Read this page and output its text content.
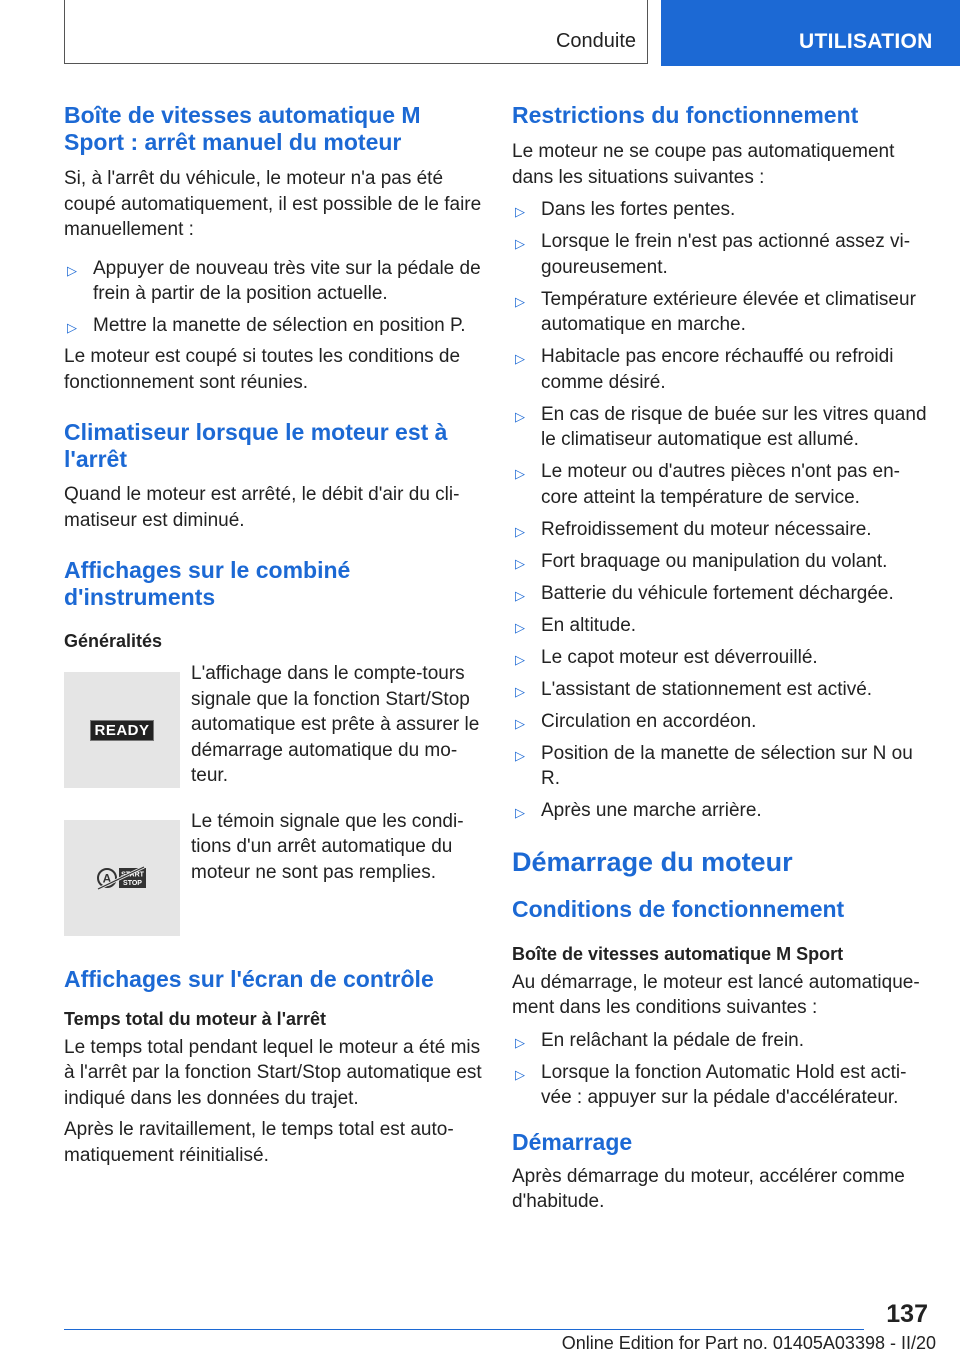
Conduite	UTILISATION
Boîte de vitesses automatique M Sport : arrêt manuel du moteur

Si, à l'arrêt du véhicule, le moteur n'a pas été coupé automatiquement, il est possible de le faire manuellement :

▷ Appuyer de nouveau très vite sur la pédale de frein à partir de la position actuelle.
▷ Mettre la manette de sélection en position P.

Le moteur est coupé si toutes les conditions de fonctionnement sont réunies.

Climatiseur lorsque le moteur est à l'arrêt

Quand le moteur est arrêté, le débit d'air du climatiseur est diminué.

Affichages sur le combiné d'instruments
Généralités
READY
L'affichage dans le compte-tours signale que la fonction Start/Stop automatique est prête à assurer le démarrage automatique du moteur.
A START
STOP
Le témoin signale que les conditions d'un arrêt automatique du moteur ne sont pas remplies.
Affichages sur l'écran de contrôle
Temps total du moteur à l'arrêt

Le temps total pendant lequel le moteur a été mis à l'arrêt par la fonction Start/Stop automatique est indiqué dans les données du trajet.

Après le ravitaillement, le temps total est automatiquement réinitialisé.

Restrictions du fonctionnement

Le moteur ne se coupe pas automatiquement dans les situations suivantes :

▷ Dans les fortes pentes.
▷ Lorsque le frein n'est pas actionné assez vigoureusement.
▷ Température extérieure élevée et climatiseur automatique en marche.
▷ Habitacle pas encore réchauffé ou refroidi comme désiré.
▷ En cas de risque de buée sur les vitres quand le climatiseur automatique est allumé.
▷ Le moteur ou d'autres pièces n'ont pas encore atteint la température de service.
▷ Refroidissement du moteur nécessaire.
▷ Fort braquage ou manipulation du volant.
▷ Batterie du véhicule fortement déchargée.
▷ En altitude.
▷ Le capot moteur est déverrouillé.
▷ L'assistant de stationnement est activé.
▷ Circulation en accordéon.
▷ Position de la manette de sélection sur N ou R.
▷ Après une marche arrière.
Démarrage du moteur
Conditions de fonctionnement
Boîte de vitesses automatique M Sport

Au démarrage, le moteur est lancé automatiquement dans les conditions suivantes :

▷ En relâchant la pédale de frein.
▷ Lorsque la fonction Automatic Hold est activée : appuyer sur la pédale d'accélérateur.
Démarrage

Après démarrage du moteur, accélérer comme d'habitude.

137
Online Edition for Part no. 01405A03398 - II/20
